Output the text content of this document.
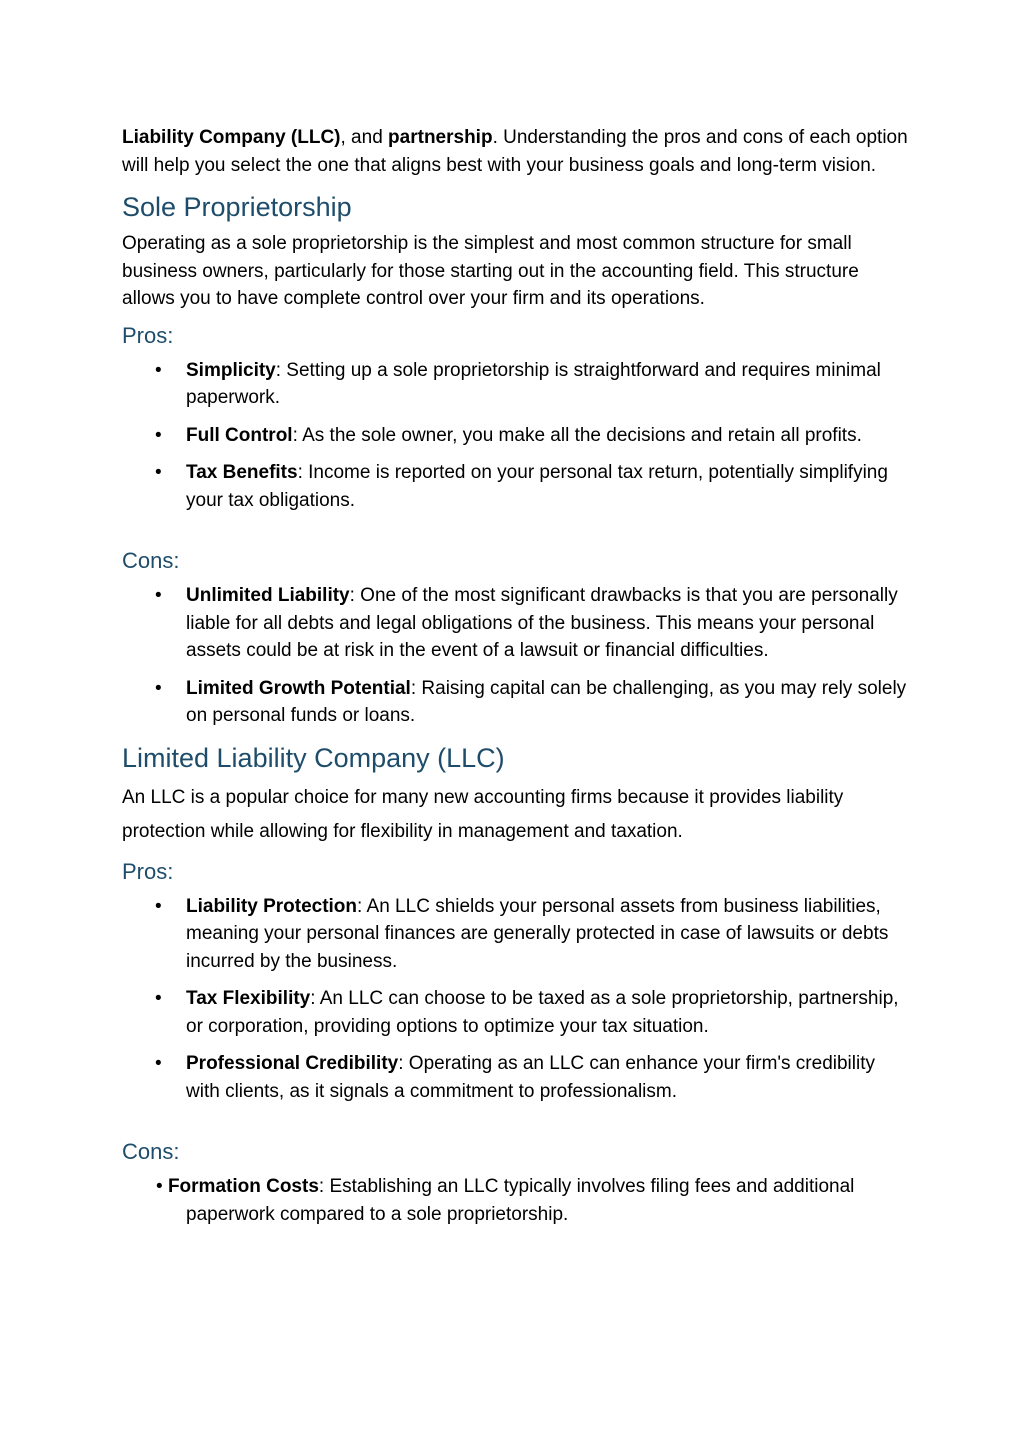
Liability Company (LLC), and partnership. Understanding the pros and cons of each option will help you select the one that aligns best with your business goals and long-term vision.

Sole Proprietorship

Operating as a sole proprietorship is the simplest and most common structure for small business owners, particularly for those starting out in the accounting field. This structure allows you to have complete control over your firm and its operations.

Pros:
• Simplicity: Setting up a sole proprietorship is straightforward and requires minimal paperwork.
• Full Control: As the sole owner, you make all the decisions and retain all profits.
• Tax Benefits: Income is reported on your personal tax return, potentially simplifying your tax obligations.
Cons:
• Unlimited Liability: One of the most significant drawbacks is that you are personally liable for all debts and legal obligations of the business. This means your personal assets could be at risk in the event of a lawsuit or financial difficulties.
• Limited Growth Potential: Raising capital can be challenging, as you may rely solely on personal funds or loans.
Limited Liability Company (LLC)

An LLC is a popular choice for many new accounting firms because it provides liability protection while allowing for flexibility in management and taxation.

Pros:
• Liability Protection: An LLC shields your personal assets from business liabilities, meaning your personal finances are generally protected in case of lawsuits or debts incurred by the business.
• Tax Flexibility: An LLC can choose to be taxed as a sole proprietorship, partnership, or corporation, providing options to optimize your tax situation.
• Professional Credibility: Operating as an LLC can enhance your firm's credibility with clients, as it signals a commitment to professionalism.
Cons:

• Formation Costs: Establishing an LLC typically involves filing fees and additional paperwork compared to a sole proprietorship.
